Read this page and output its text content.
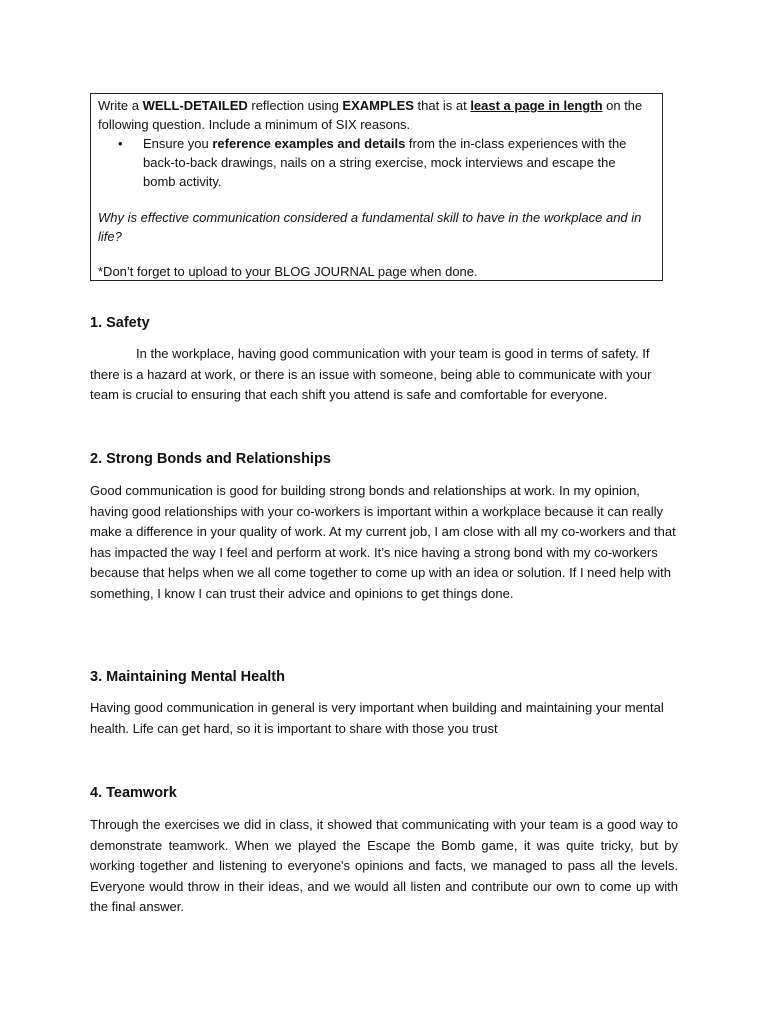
Write a WELL-DETAILED reflection using EXAMPLES that is at least a page in length on the following question. Include a minimum of SIX reasons.

•	Ensure you reference examples and details from the in-class experiences with the back-to-back drawings, nails on a string exercise, mock interviews and escape the bomb activity.

Why is effective communication considered a fundamental skill to have in the workplace and in life?

*Don’t forget to upload to your BLOG JOURNAL page when done.

1. Safety

In the workplace, having good communication with your team is good in terms of safety. If there is a hazard at work, or there is an issue with someone, being able to communicate with your team is crucial to ensuring that each shift you attend is safe and comfortable for everyone.

2. Strong Bonds and Relationships

Good communication is good for building strong bonds and relationships at work. In my opinion, having good relationships with your co-workers is important within a workplace because it can really make a difference in your quality of work. At my current job, I am close with all my co-workers and that has impacted the way I feel and perform at work. It’s nice having a strong bond with my co-workers because that helps when we all come together to come up with an idea or solution. If I need help with something, I know I can trust their advice and opinions to get things done.

3. Maintaining Mental Health

Having good communication in general is very important when building and maintaining your mental health. Life can get hard, so it is important to share with those you trust

4. Teamwork

Through the exercises we did in class, it showed that communicating with your team is a good way to demonstrate teamwork. When we played the Escape the Bomb game, it was quite tricky, but by working together and listening to everyone's opinions and facts, we managed to pass all the levels. Everyone would throw in their ideas, and we would all listen and contribute our own to come up with the final answer.
